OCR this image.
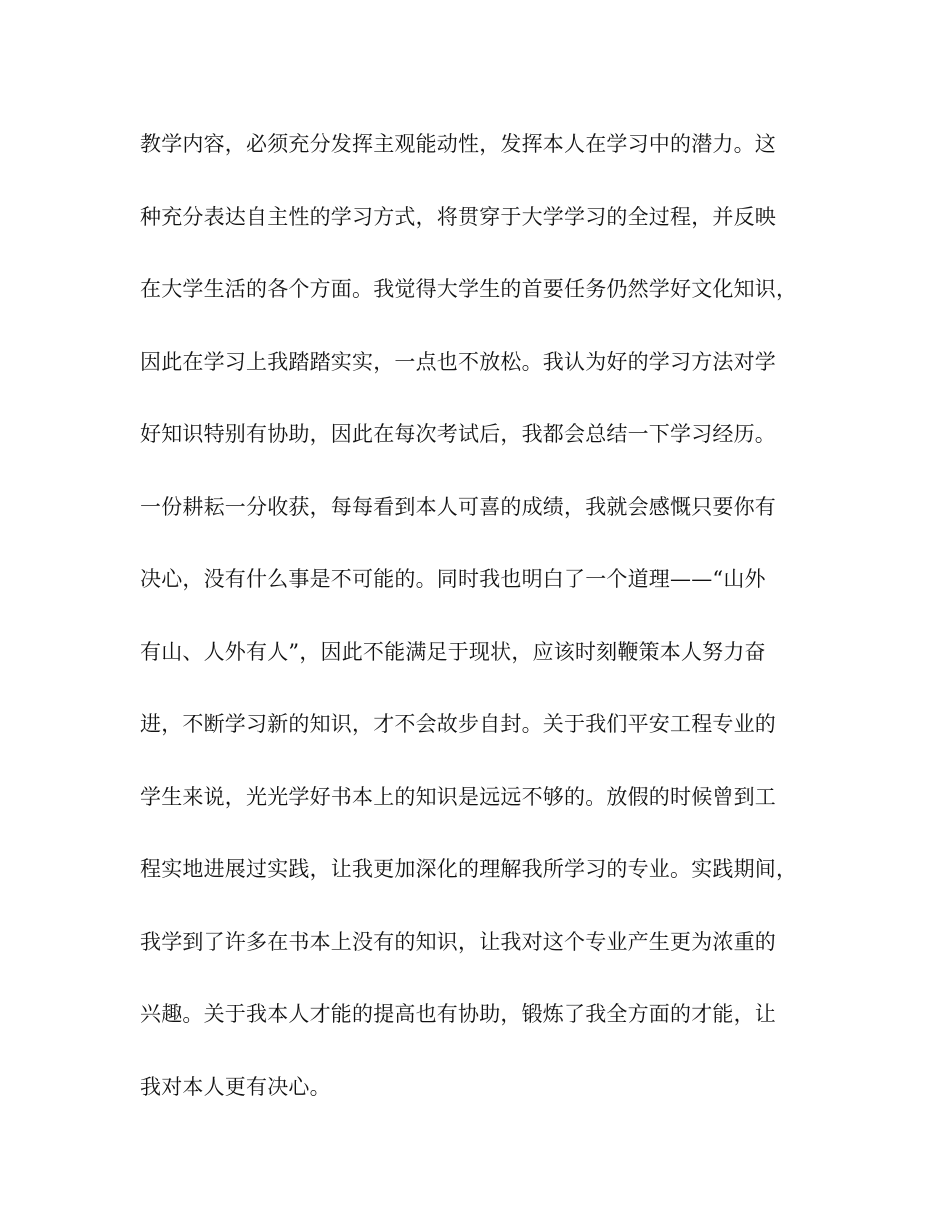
教学内容，必须充分发挥主观能动性，发挥本人在学习中的潜力。这
种充分表达自主性的学习方式，将贯穿于大学学习的全过程，并反映
在大学生活的各个方面。我觉得大学生的首要任务仍然学好文化知识，
因此在学习上我踏踏实实，一点也不放松。我认为好的学习方法对学
好知识特别有协助，因此在每次考试后，我都会总结一下学习经历。
一份耕耘一分收获，每每看到本人可喜的成绩，我就会感慨只要你有
决心，没有什么事是不可能的。同时我也明白了一个道理——“山外
有山、人外有人”，因此不能满足于现状，应该时刻鞭策本人努力奋
进，不断学习新的知识，才不会故步自封。关于我们平安工程专业的
学生来说，光光学好书本上的知识是远远不够的。放假的时候曾到工
程实地进展过实践，让我更加深化的理解我所学习的专业。实践期间，
我学到了许多在书本上没有的知识，让我对这个专业产生更为浓重的
兴趣。关于我本人才能的提高也有协助，锻炼了我全方面的才能，让
我对本人更有决心。
